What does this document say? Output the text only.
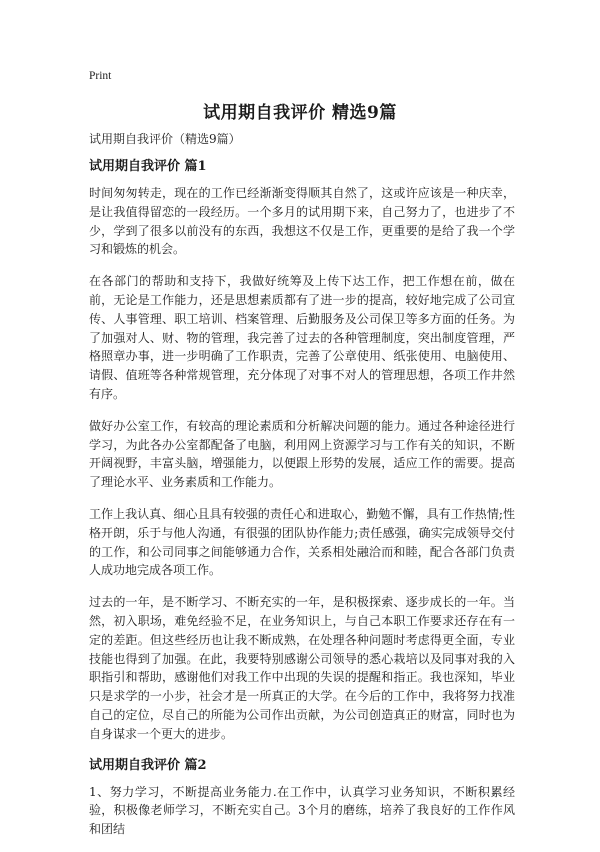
Print
试用期自我评价 精选9篇

试用期自我评价（精选9篇）

试用期自我评价 篇1

时间匆匆转走，现在的工作已经渐渐变得顺其自然了，这或许应该是一种庆幸，是让我值得留恋的一段经历。一个多月的试用期下来，自己努力了，也进步了不少，学到了很多以前没有的东西，我想这不仅是工作，更重要的是给了我一个学习和锻炼的机会。

在各部门的帮助和支持下，我做好统筹及上传下达工作，把工作想在前，做在前，无论是工作能力，还是思想素质都有了进一步的提高，较好地完成了公司宣传、人事管理、职工培训、档案管理、后勤服务及公司保卫等多方面的任务。为了加强对人、财、物的管理，我完善了过去的各种管理制度，突出制度管理，严格照章办事，进一步明确了工作职责，完善了公章使用、纸张使用、电脑使用、请假、值班等各种常规管理，充分体现了对事不对人的管理思想，各项工作井然有序。

做好办公室工作，有较高的理论素质和分析解决问题的能力。通过各种途径进行学习，为此各办公室都配备了电脑，利用网上资源学习与工作有关的知识，不断开阔视野，丰富头脑，增强能力，以便跟上形势的发展，适应工作的需要。提高了理论水平、业务素质和工作能力。

工作上我认真、细心且具有较强的责任心和进取心，勤勉不懈，具有工作热情;性格开朗，乐于与他人沟通，有很强的团队协作能力;责任感强，确实完成领导交付的工作，和公司同事之间能够通力合作，关系相处融洽而和睦，配合各部门负责人成功地完成各项工作。

过去的一年，是不断学习、不断充实的一年，是积极探索、逐步成长的一年。当然，初入职场，难免经验不足，在业务知识上，与自己本职工作要求还存在有一定的差距。但这些经历也让我不断成熟，在处理各种问题时考虑得更全面，专业技能也得到了加强。在此，我要特别感谢公司领导的悉心栽培以及同事对我的入职指引和帮助，感谢他们对我工作中出现的失误的提醒和指正。我也深知，毕业只是求学的一小步，社会才是一所真正的大学。在今后的工作中，我将努力找准自己的定位，尽自己的所能为公司作出贡献，为公司创造真正的财富，同时也为自身谋求一个更大的进步。

试用期自我评价 篇2

1、努力学习，不断提高业务能力.在工作中，认真学习业务知识，不断积累经验，积极像老师学习，不断充实自己。3个月的磨练，培养了我良好的工作作风和团结
